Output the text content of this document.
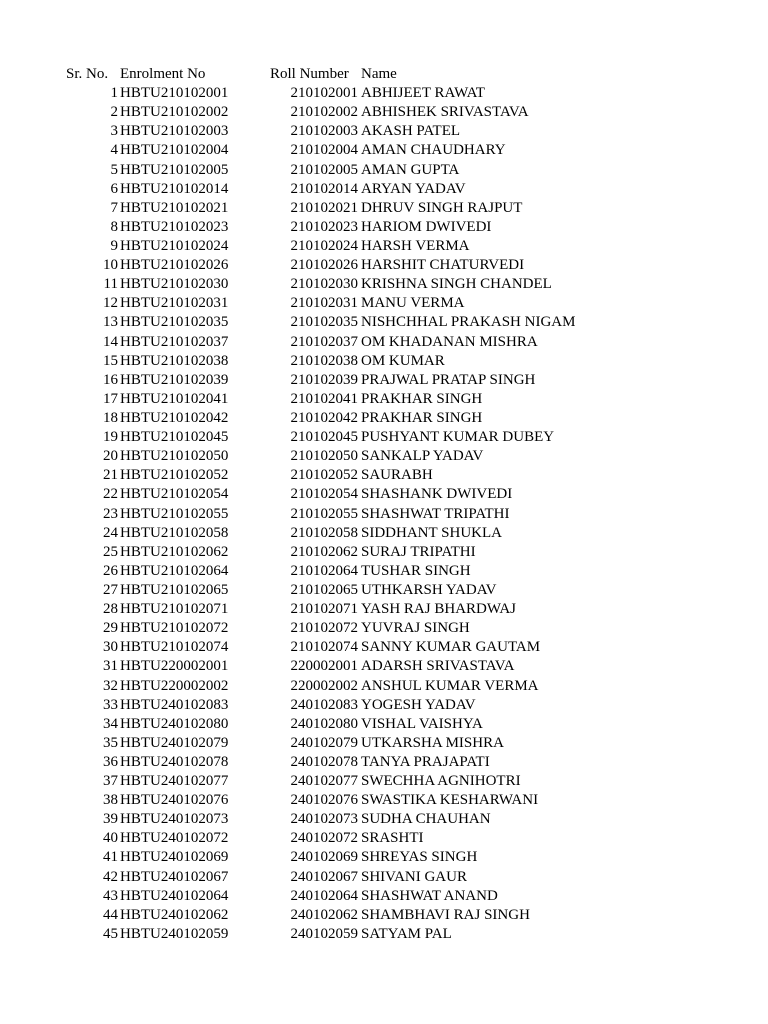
Sr. No. Enrolment No	Roll Number Name
1 HBTU210102001	210102001 ABHIJEET RAWAT
2 HBTU210102002	210102002 ABHISHEK SRIVASTAVA
3 HBTU210102003	210102003 AKASH PATEL
4 HBTU210102004	210102004 AMAN CHAUDHARY
5 HBTU210102005	210102005 AMAN GUPTA
6 HBTU210102014	210102014 ARYAN YADAV
7 HBTU210102021	210102021 DHRUV SINGH RAJPUT
8 HBTU210102023	210102023 HARIOM DWIVEDI
9 HBTU210102024	210102024 HARSH VERMA
10 HBTU210102026	210102026 HARSHIT CHATURVEDI
11 HBTU210102030	210102030 KRISHNA SINGH CHANDEL
12 HBTU210102031	210102031 MANU VERMA
13 HBTU210102035	210102035 NISHCHHAL PRAKASH NIGAM
14 HBTU210102037	210102037 OM KHADANAN MISHRA
15 HBTU210102038	210102038 OM KUMAR
16 HBTU210102039	210102039 PRAJWAL PRATAP SINGH
17 HBTU210102041	210102041 PRAKHAR SINGH
18 HBTU210102042	210102042 PRAKHAR SINGH
19 HBTU210102045	210102045 PUSHYANT KUMAR DUBEY
20 HBTU210102050	210102050 SANKALP YADAV
21 HBTU210102052	210102052 SAURABH
22 HBTU210102054	210102054 SHASHANK DWIVEDI
23 HBTU210102055	210102055 SHASHWAT TRIPATHI
24 HBTU210102058	210102058 SIDDHANT SHUKLA
25 HBTU210102062	210102062 SURAJ TRIPATHI
26 HBTU210102064	210102064 TUSHAR SINGH
27 HBTU210102065	210102065 UTHKARSH YADAV
28 HBTU210102071	210102071 YASH RAJ BHARDWAJ
29 HBTU210102072	210102072 YUVRAJ SINGH
30 HBTU210102074	210102074 SANNY KUMAR GAUTAM
31 HBTU220002001	220002001 ADARSH SRIVASTAVA
32 HBTU220002002	220002002 ANSHUL KUMAR VERMA
33 HBTU240102083	240102083 YOGESH YADAV
34 HBTU240102080	240102080 VISHAL VAISHYA
35 HBTU240102079	240102079 UTKARSHA MISHRA
36 HBTU240102078	240102078 TANYA PRAJAPATI
37 HBTU240102077	240102077 SWECHHA AGNIHOTRI
38 HBTU240102076	240102076 SWASTIKA KESHARWANI
39 HBTU240102073	240102073 SUDHA CHAUHAN
40 HBTU240102072	240102072 SRASHTI
41 HBTU240102069	240102069 SHREYAS SINGH
42 HBTU240102067	240102067 SHIVANI GAUR
43 HBTU240102064	240102064 SHASHWAT ANAND
44 HBTU240102062	240102062 SHAMBHAVI RAJ SINGH
45 HBTU240102059	240102059 SATYAM PAL
